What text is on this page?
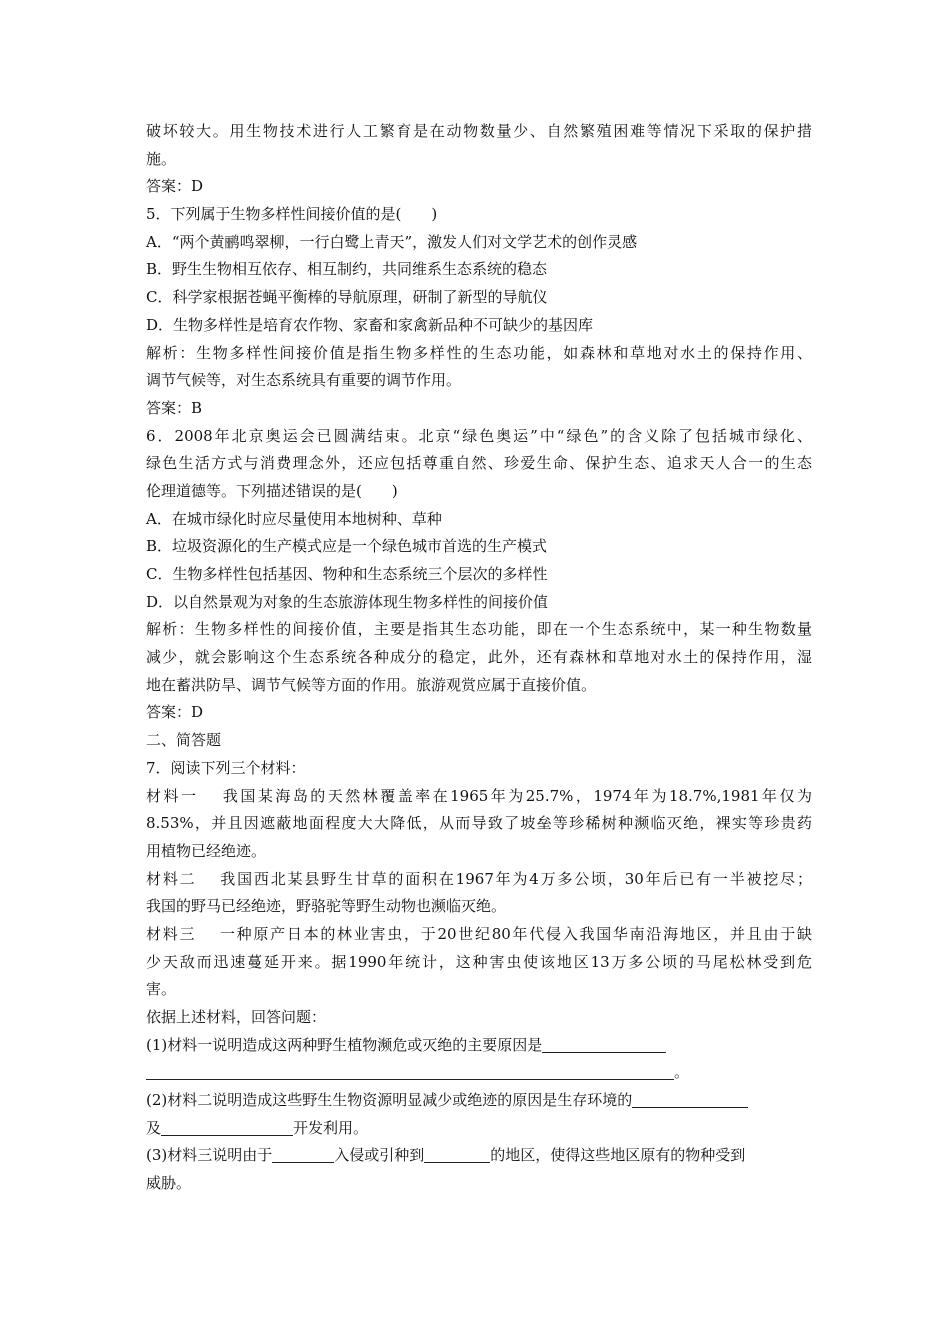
破坏较大。用生物技术进行人工繁育是在动物数量少、自然繁殖困难等情况下采取的保护措
施。
答案：D
5．下列属于生物多样性间接价值的是(　　)
A．“两个黄鹂鸣翠柳，一行白鹭上青天”，激发人们对文学艺术的创作灵感
B．野生生物相互依存、相互制约，共同维系生态系统的稳态
C．科学家根据苍蝇平衡棒的导航原理，研制了新型的导航仪
D．生物多样性是培育农作物、家畜和家禽新品种不可缺少的基因库
解析：生物多样性间接价值是指生物多样性的生态功能，如森林和草地对水土的保持作用、
调节气候等，对生态系统具有重要的调节作用。
答案：B
6．2008年北京奥运会已圆满结束。北京“绿色奥运”中“绿色”的含义除了包括城市绿化、
绿色生活方式与消费理念外，还应包括尊重自然、珍爱生命、保护生态、追求天人合一的生态
伦理道德等。下列描述错误的是(　　)
A．在城市绿化时应尽量使用本地树种、草种
B．垃圾资源化的生产模式应是一个绿色城市首选的生产模式
C．生物多样性包括基因、物种和生态系统三个层次的多样性
D．以自然景观为对象的生态旅游体现生物多样性的间接价值
解析：生物多样性的间接价值，主要是指其生态功能，即在一个生态系统中，某一种生物数量
减少，就会影响这个生态系统各种成分的稳定，此外，还有森林和草地对水土的保持作用，湿
地在蓄洪防旱、调节气候等方面的作用。旅游观赏应属于直接价值。
答案：D
二、简答题
7．阅读下列三个材料：
材料一 我国某海岛的天然林覆盖率在1965年为25.7%，1974年为18.7%,1981年仅为
8.53%，并且因遮蔽地面程度大大降低，从而导致了坡垒等珍稀树种濒临灭绝，裸实等珍贵药
用植物已经绝迹。
材料二 我国西北某县野生甘草的面积在1967年为4万多公顷，30年后已有一半被挖尽；
我国的野马已经绝迹，野骆驼等野生动物也濒临灭绝。
材料三 一种原产日本的林业害虫，于20世纪80年代侵入我国华南沿海地区，并且由于缺
少天敌而迅速蔓延开来。据1990年统计，这种害虫使该地区13万多公顷的马尾松林受到危
害。
依据上述材料，回答问题：
(1)材料一说明造成这两种野生植物濒危或灭绝的主要原因是
。
(2)材料二说明造成这些野生生物资源明显减少或绝迹的原因是生存环境的
及	开发利用。
(3)材料三说明由于	入侵或引种到	的地区，使得这些地区原有的物种受到
威胁。
